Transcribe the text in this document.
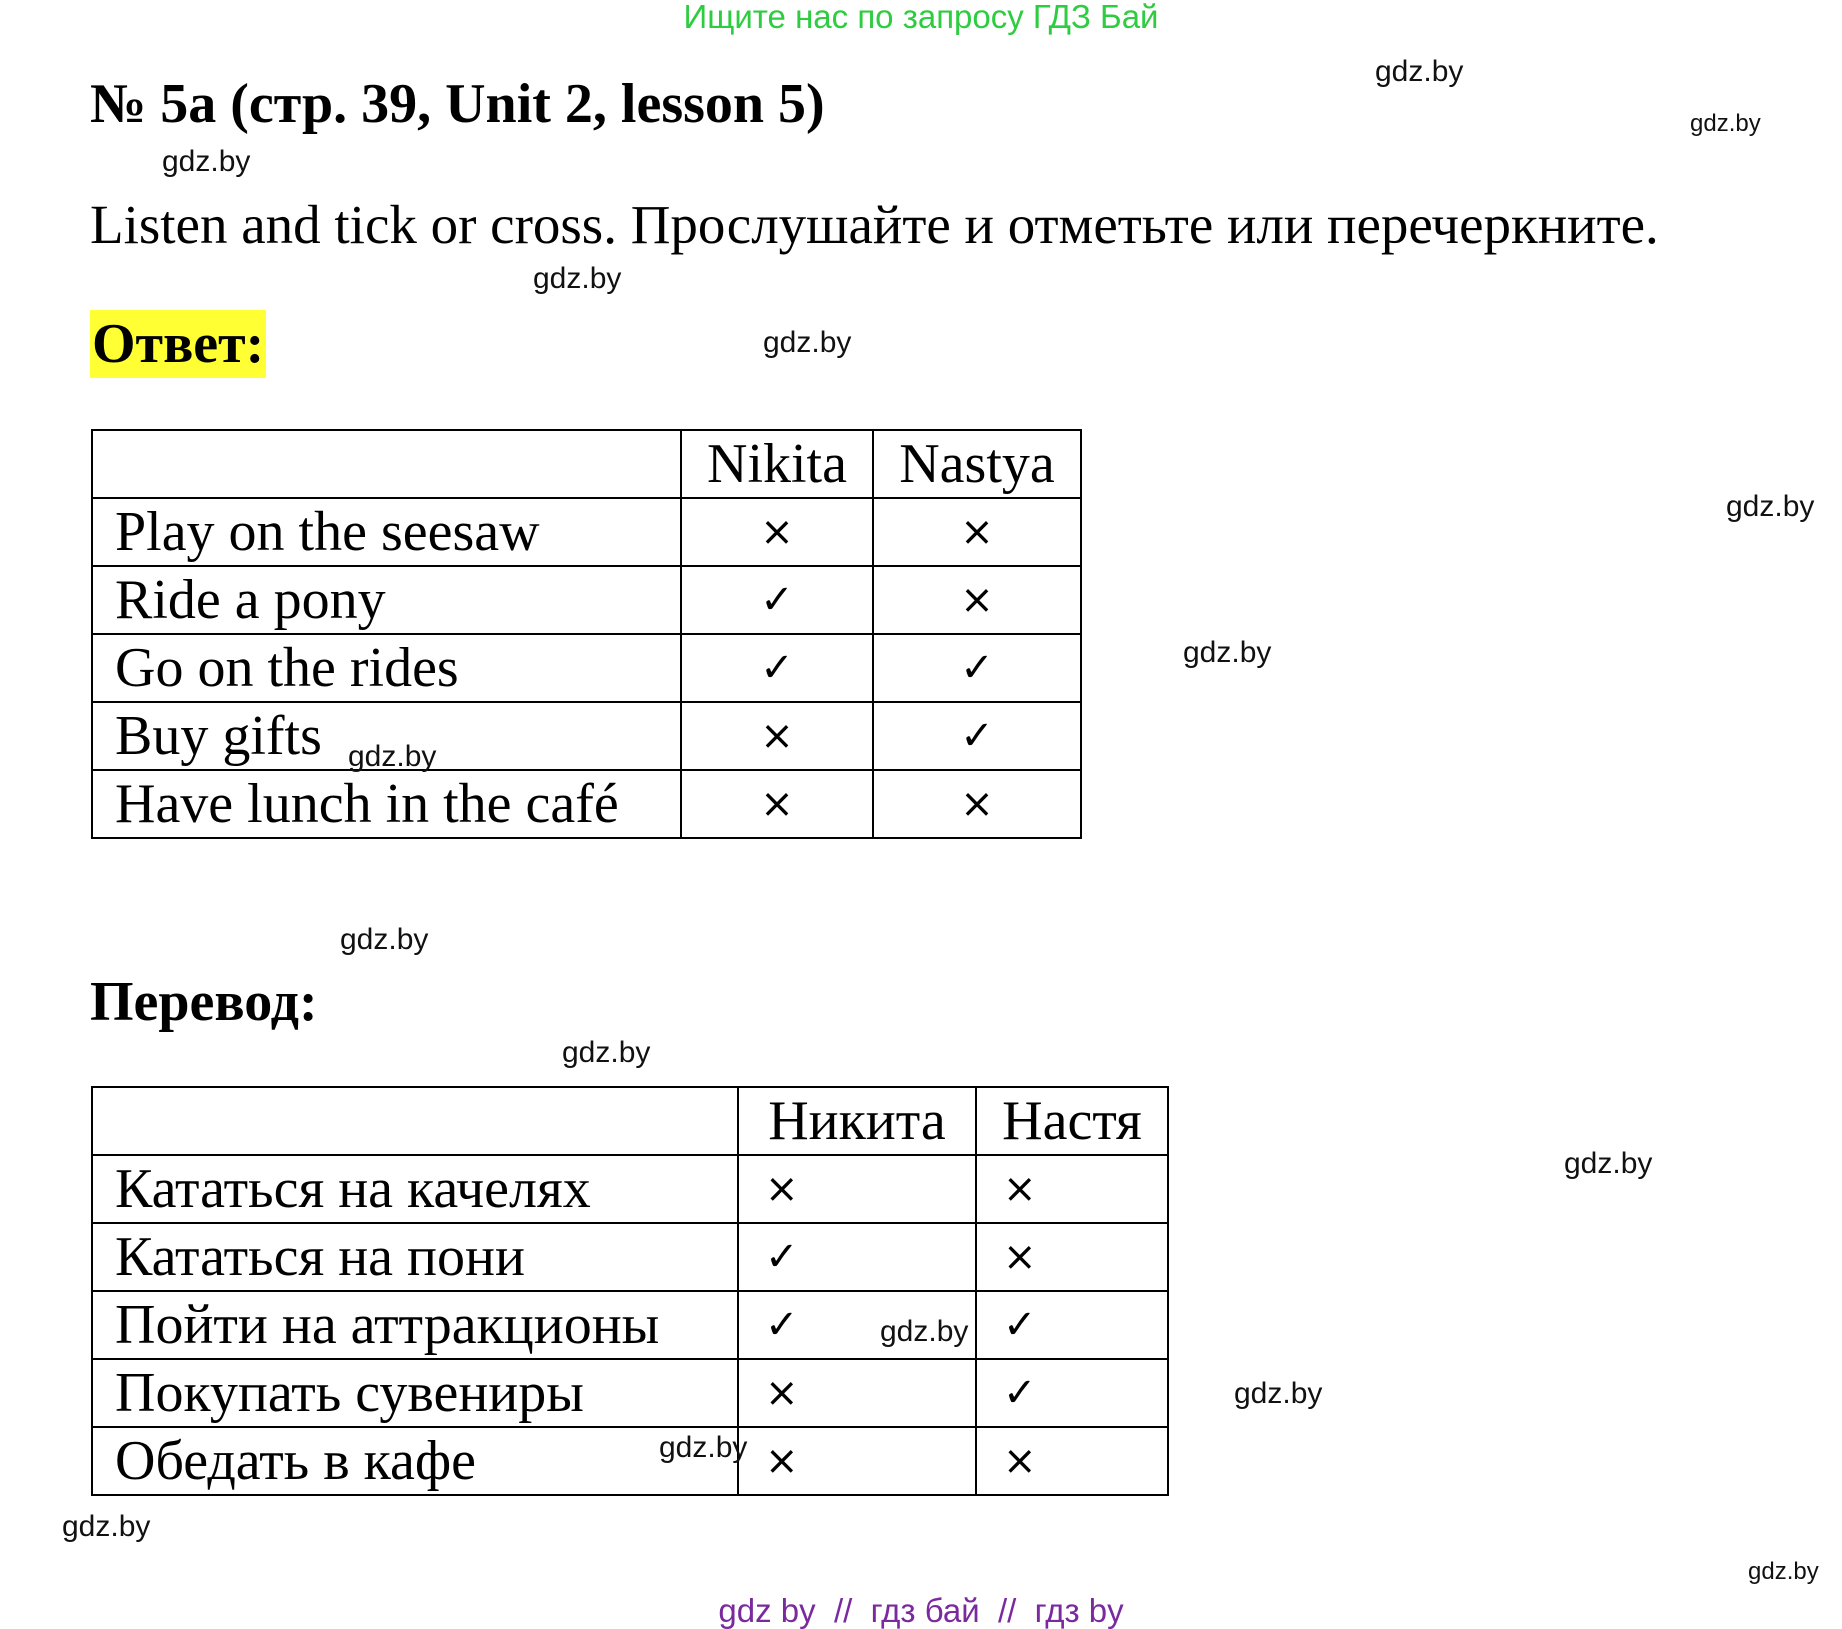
Ищите нас по запросу ГДЗ Бай
№ 5a (стр. 39, Unit 2, lesson 5)
Listen and tick or cross. Прослушайте и отметьте или перечеркните.
Ответ:
	Nikita	Nastya
Play on the seesaw	×	×
Ride a pony	✓	×
Go on the rides	✓	✓
Buy gifts	×	✓
Have lunch in the café	×	×
Перевод:
	Никита	Настя
Кататься на качелях	×	×
Кататься на пони	✓	×
Пойти на аттракционы	✓	✓
Покупать сувениры	×	✓
Обедать в кафе	×	×
gdz.by
gdz.by
gdz.by
gdz.by
gdz.by
gdz.by
gdz.by
gdz.by
gdz.by
gdz.by
gdz.by
gdz.by
gdz.by
gdz.by
gdz.by
gdz.by
gdz by  //  гдз бай  //  гдз by
